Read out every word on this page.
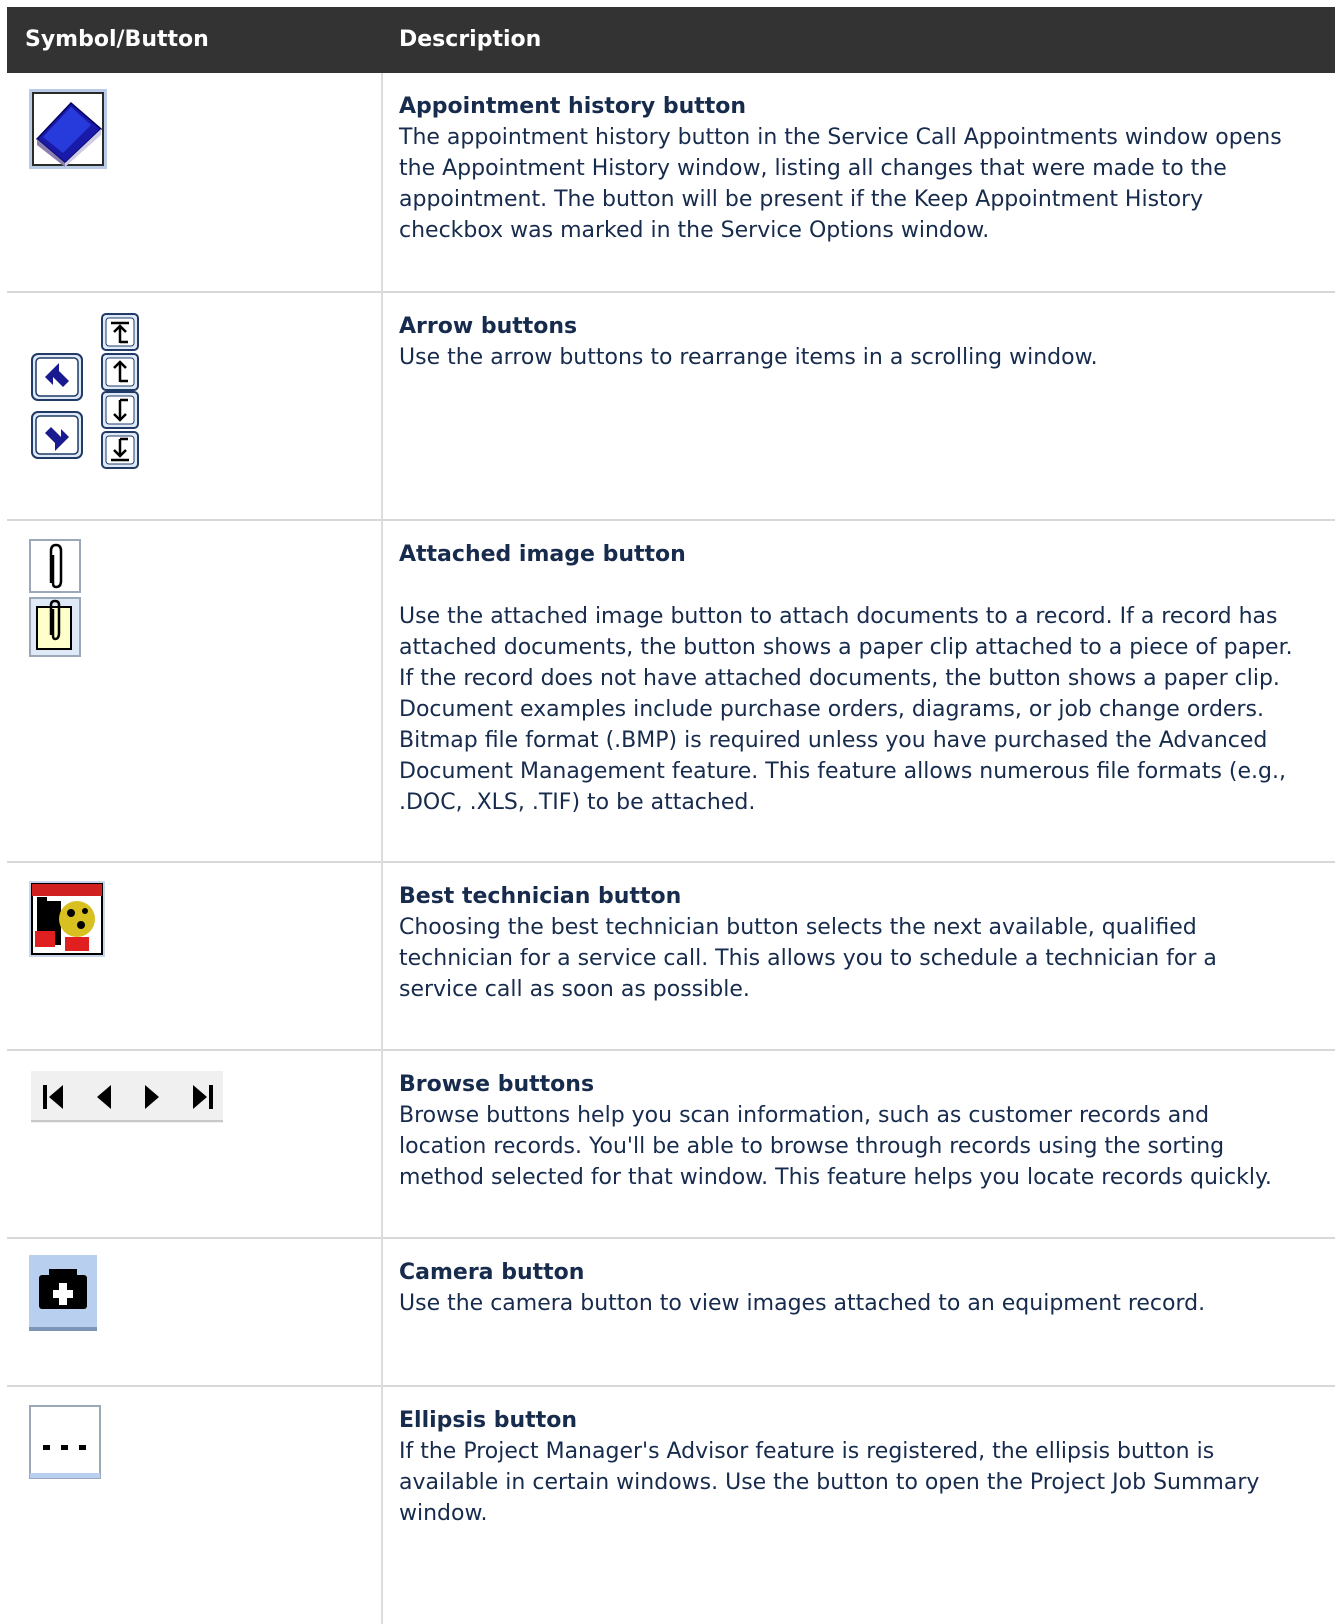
Symbol/Button	Description
Appointment history button
The appointment history button in the Service Call Appointments window opens the Appointment History window, listing all changes that were made to the appointment. The button will be present if the Keep Appointment History checkbox was marked in the Service Options window.
Arrow buttons
Use the arrow buttons to rearrange items in a scrolling window.
Attached image button
Use the attached image button to attach documents to a record. If a record has attached documents, the button shows a paper clip attached to a piece of paper. If the record does not have attached documents, the button shows a paper clip. Document examples include purchase orders, diagrams, or job change orders. Bitmap file format (.BMP) is required unless you have purchased the Advanced Document Management feature. This feature allows numerous file formats (e.g., .DOC, .XLS, .TIF) to be attached.
Best technician button
Choosing the best technician button selects the next available, qualified technician for a service call. This allows you to schedule a technician for a service call as soon as possible.
Browse buttons
Browse buttons help you scan information, such as customer records and location records. You'll be able to browse through records using the sorting method selected for that window. This feature helps you locate records quickly.
Camera button
Use the camera button to view images attached to an equipment record.
Ellipsis button
If the Project Manager's Advisor feature is registered, the ellipsis button is available in certain windows. Use the button to open the Project Job Summary window.
